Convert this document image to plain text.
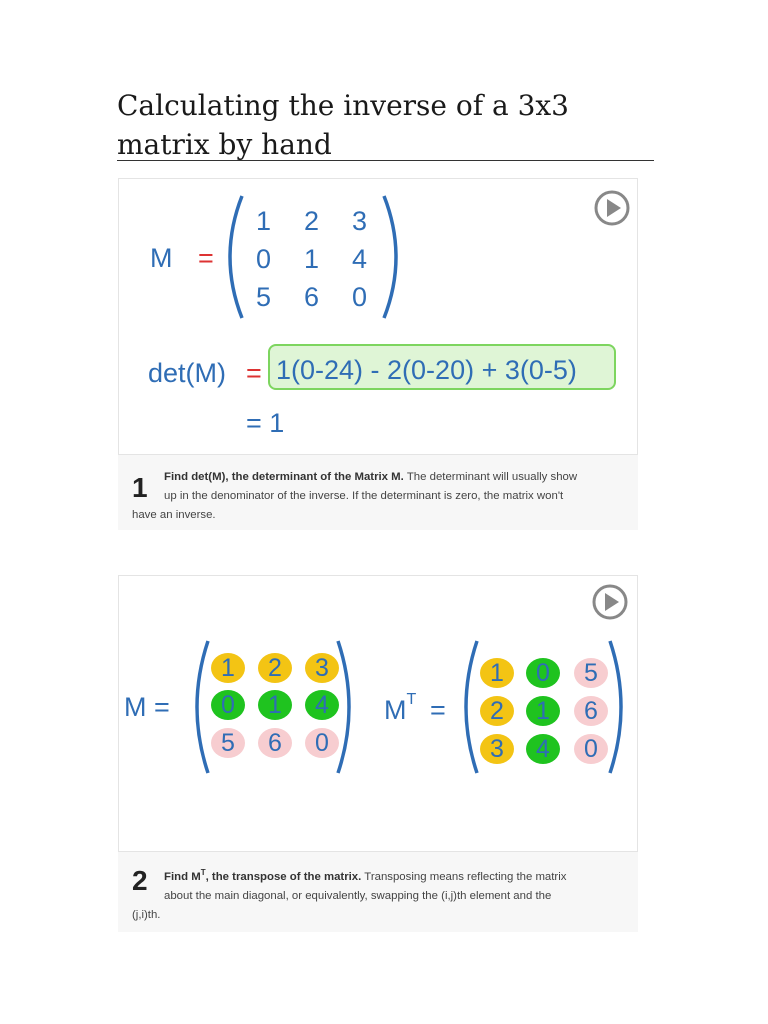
Calculating the inverse of a 3x3 matrix by hand
M =
1 2 3
0 1 4
5 6 0
det(M) = 1(0-24) - 2(0-20) + 3(0-5)
= 1
1	Find det(M), the determinant of the Matrix M. The determinant will usually show
up in the denominator of the inverse. If the determinant is zero, the matrix won't
have an inverse.
M =
1	2	3
0	1	4
5	6	0
$M^T$ =
1	0	5
2	1	6
3	4	0
2	Find $M^T$, the transpose of the matrix. Transposing means reflecting the matrix
about the main diagonal, or equivalently, swapping the (i,j)th element and the
(j,i)th.
